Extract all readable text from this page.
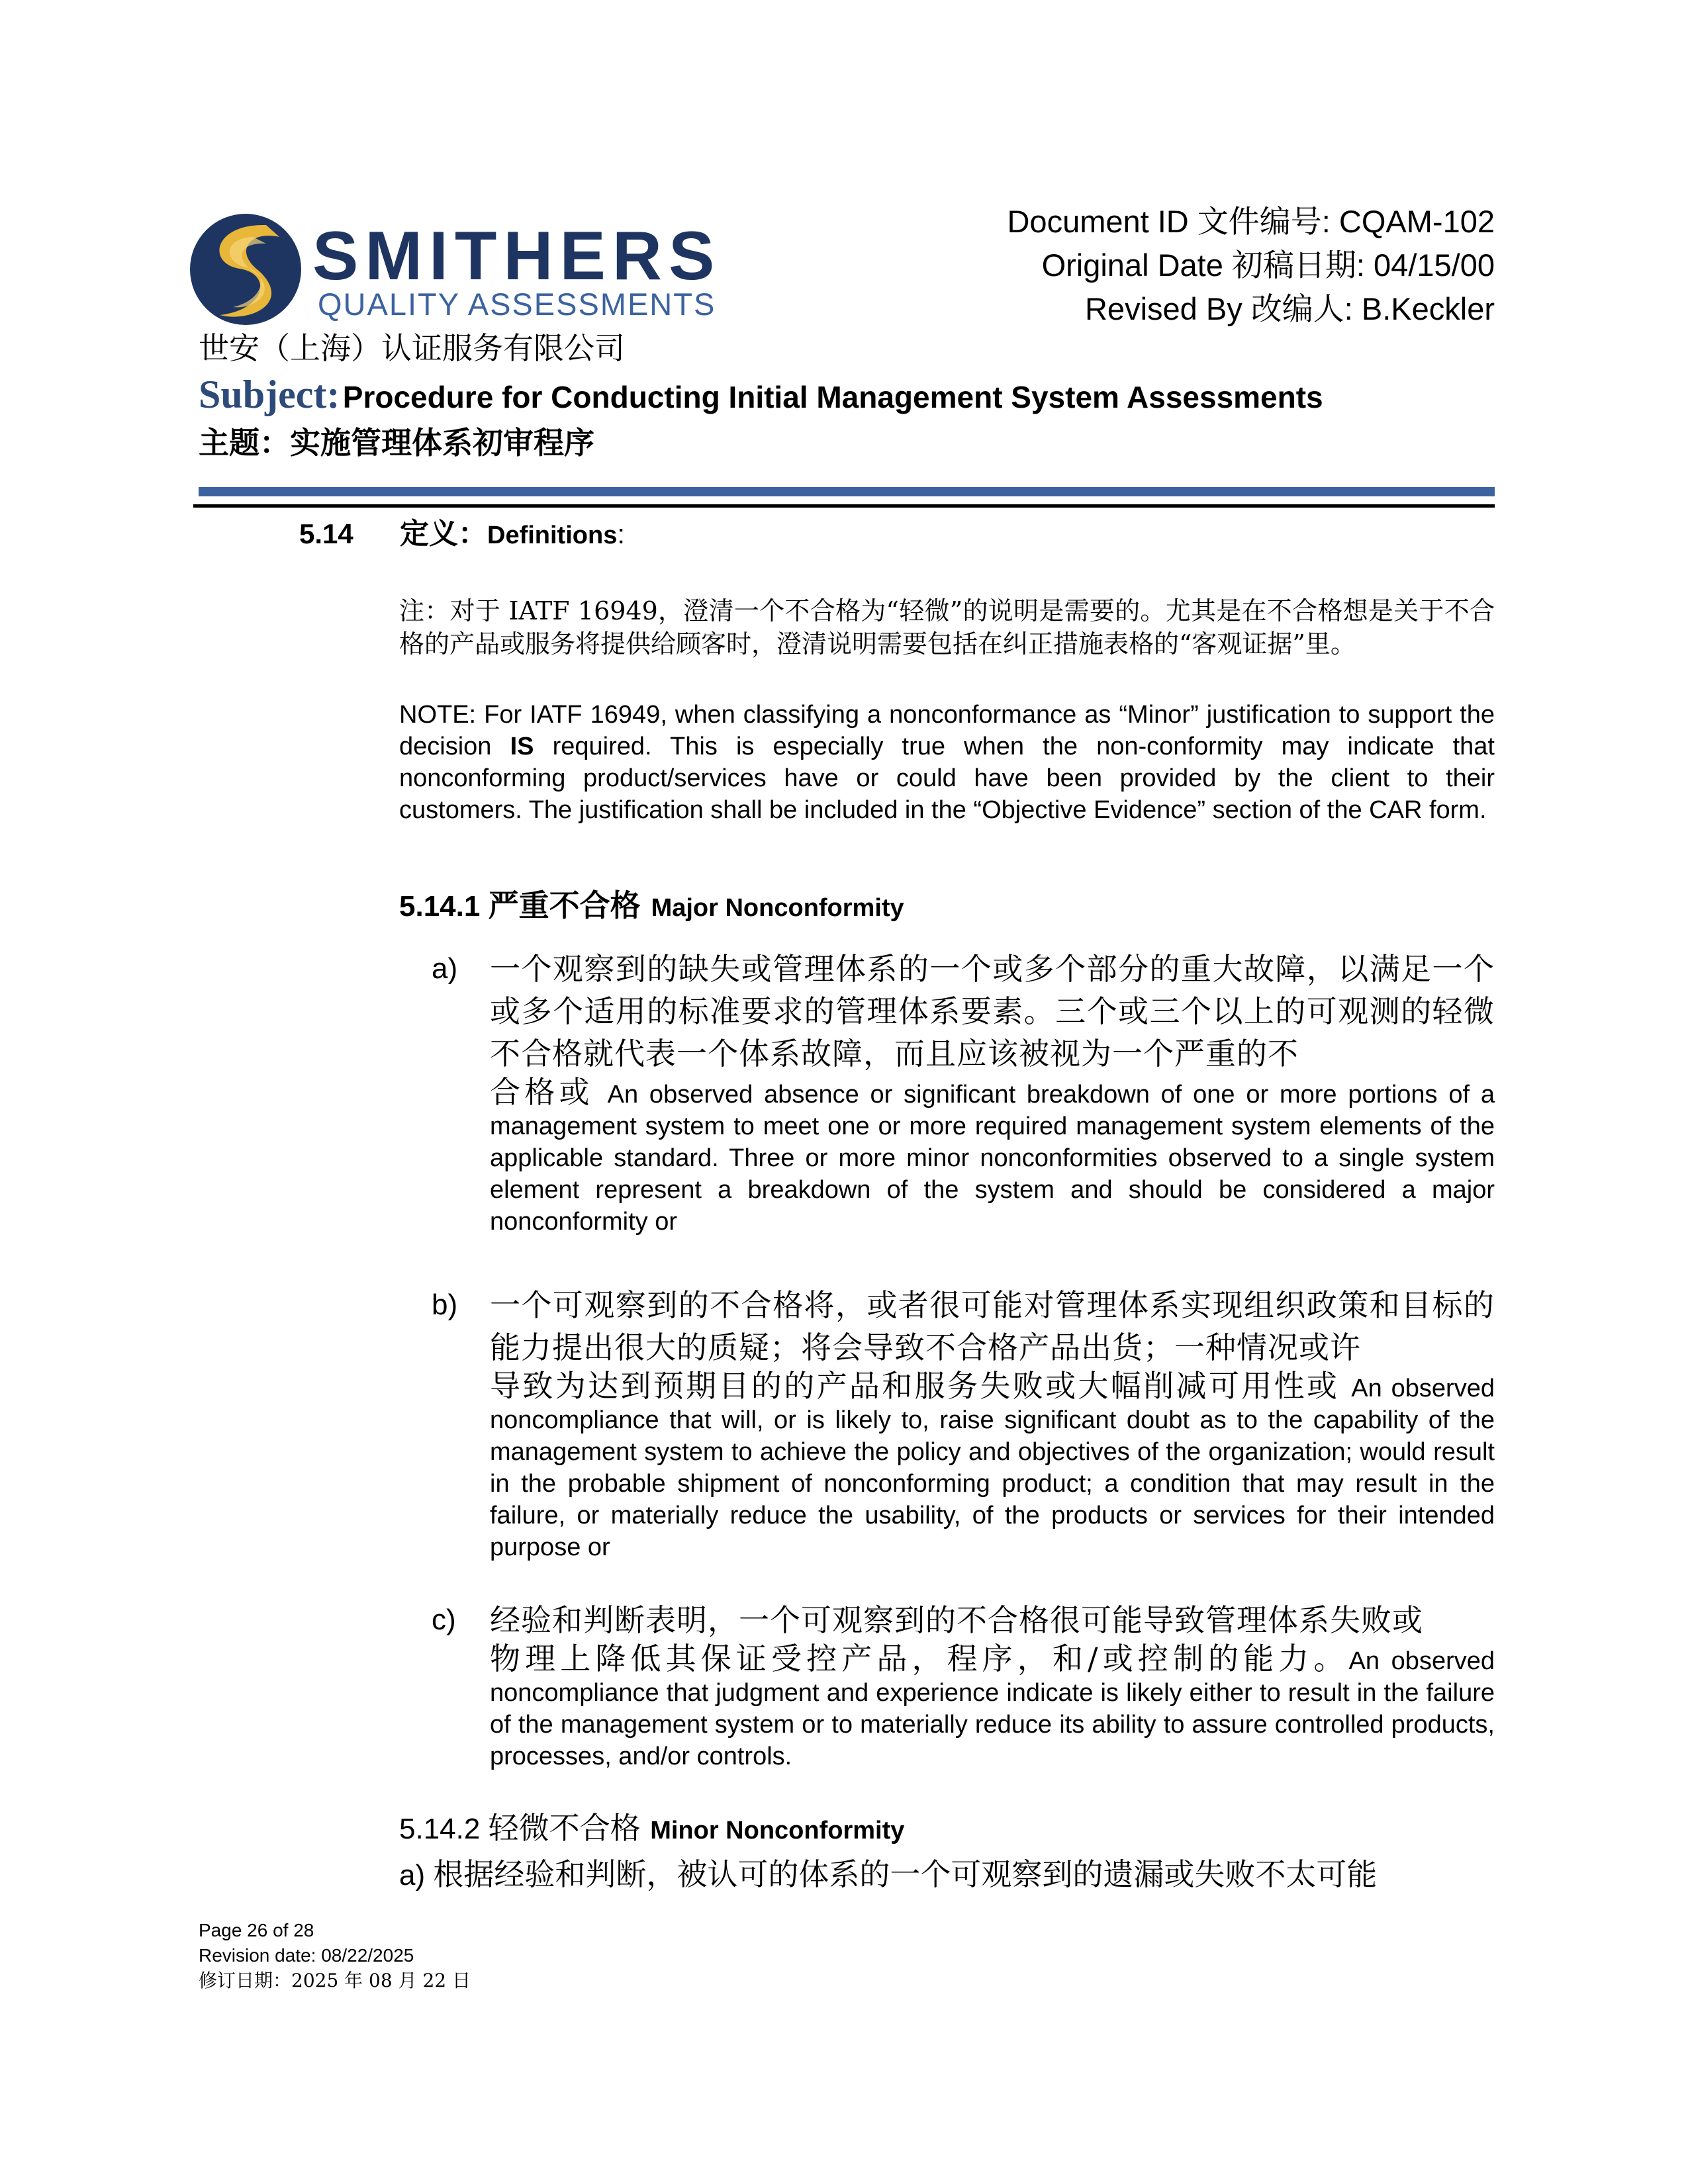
SMITHERS
QUALITY ASSESSMENTS
世安（上海）认证服务有限公司
Document ID 文件编号: CQAM-102
Original Date 初稿日期: 04/15/00
Revised By 改编人: B.Keckler
Subject: Procedure for Conducting Initial Management System Assessments
主题：实施管理体系初审程序
5.14 定义：Definitions:
注：对于 IATF 16949，澄清一个不合格为“轻微”的说明是需要的。尤其是在不合格想是关于不合格的产品或服务将提供给顾客时，澄清说明需要包括在纠正措施表格的“客观证据”里。
NOTE: For IATF 16949, when classifying a nonconformance as “Minor” justification to support the decision IS required. This is especially true when the non-conformity may indicate that nonconforming product/services have or could have been provided by the client to their customers. The justification shall be included in the “Objective Evidence” section of the CAR form.
5.14.1 严重不合格 Major Nonconformity
a) 一个观察到的缺失或管理体系的一个或多个部分的重大故障，以满足一个或多个适用的标准要求的管理体系要素。三个或三个以上的可观测的轻微不合格就代表一个体系故障，而且应该被视为一个严重的不
合格或 An observed absence or significant breakdown of one or more portions of a management system to meet one or more required management system elements of the applicable standard. Three or more minor nonconformities observed to a single system element represent a breakdown of the system and should be considered a major nonconformity or
b) 一个可观察到的不合格将，或者很可能对管理体系实现组织政策和目标的能力提出很大的质疑；将会导致不合格产品出货；一种情况或许
导致为达到预期目的的产品和服务失败或大幅削减可用性或 An observed noncompliance that will, or is likely to, raise significant doubt as to the capability of the management system to achieve the policy and objectives of the organization; would result in the probable shipment of nonconforming product; a condition that may result in the failure, or materially reduce the usability, of the products or services for their intended purpose or
c) 经验和判断表明，一个可观察到的不合格很可能导致管理体系失败或
物理上降低其保证受控产品，程序，和/或控制的能力。An observed noncompliance that judgment and experience indicate is likely either to result in the failure of the management system or to materially reduce its ability to assure controlled products, processes, and/or controls.
5.14.2 轻微不合格 Minor Nonconformity
a) 根据经验和判断，被认可的体系的一个可观察到的遗漏或失败不太可能
Page 26 of 28
Revision date: 08/22/2025
修订日期：2025 年 08 月 22 日
